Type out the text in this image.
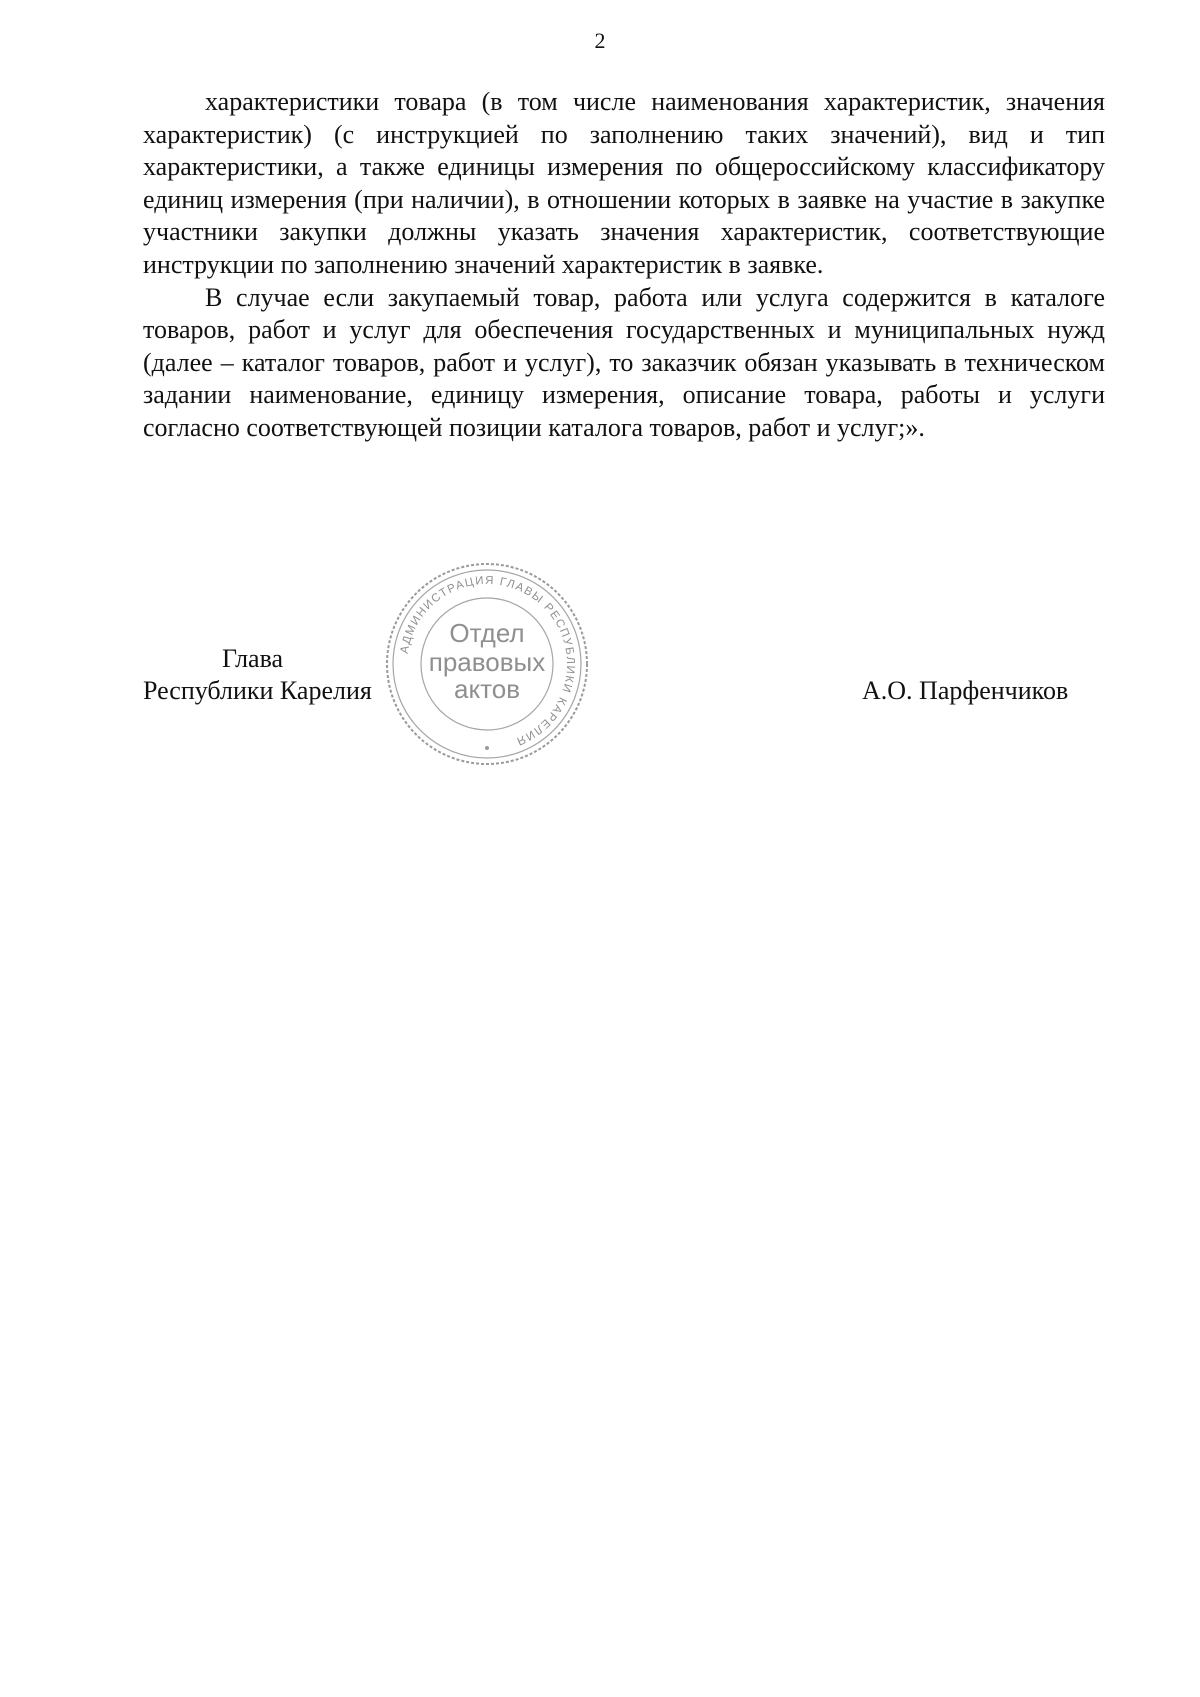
2

характеристики товара (в том числе наименования характеристик, значения характеристик) (с инструкцией по заполнению таких значений), вид и тип характеристики, а также единицы измерения по общероссийскому классификатору единиц измерения (при наличии), в отношении которых в заявке на участие в закупке участники закупки должны указать значения характеристик, соответствующие инструкции по заполнению значений характеристик в заявке.

В случае если закупаемый товар, работа или услуга содержится в каталоге товаров, работ и услуг для обеспечения государственных и муниципальных нужд (далее – каталог товаров, работ и услуг), то заказчик обязан указывать в техническом задании наименование, единицу измерения, описание товара, работы и услуги согласно соответствующей позиции каталога товаров, работ и услуг;».

Глава
Республики Карелия	А.О. Парфенчиков
АДМИНИСТРАЦИЯ ГЛАВЫ РЕСПУБЛИКИ КАРЕЛИЯ
Отдел
правовых
актов
